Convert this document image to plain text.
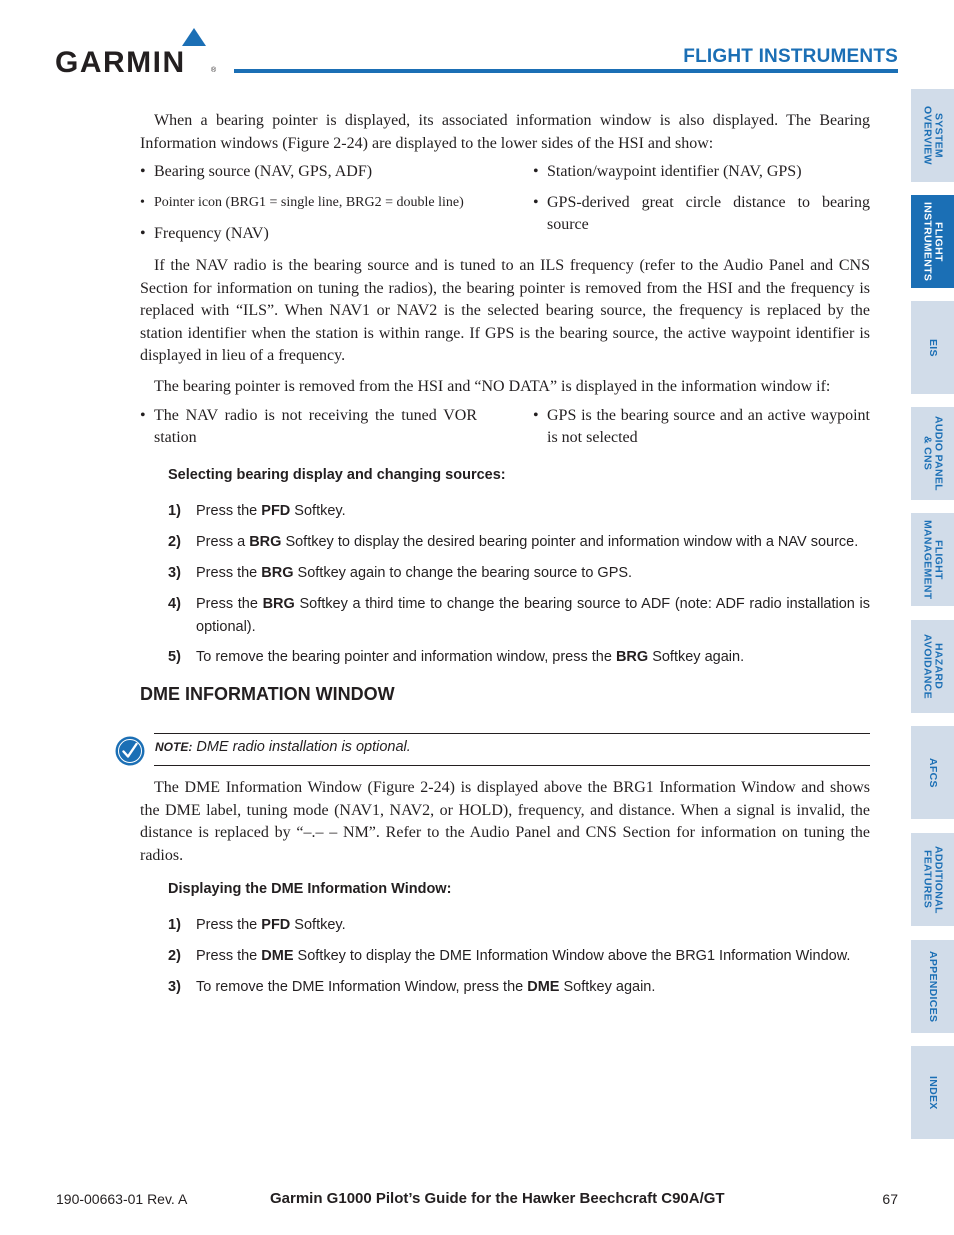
GARMIN	®
FLIGHT INSTRUMENTS
SYSTEM
OVERVIEW
FLIGHT
INSTRUMENTS
EIS
AUDIO PANEL
& CNS
FLIGHT
MANAGEMENT
HAZARD
AVOIDANCE
AFCS
ADDITIONAL
FEATURES
APPENDICES
INDEX
When a bearing pointer is displayed, its associated information window is also displayed. The Bearing Information windows (Figure 2-24) are displayed to the lower sides of the HSI and show:
• Bearing source (NAV, GPS, ADF)	• Station/waypoint identifier (NAV, GPS)
• Pointer icon (BRG1 = single line, BRG2 = double line)	• GPS-derived great circle distance to bearing source
• Frequency (NAV)
If the NAV radio is the bearing source and is tuned to an ILS frequency (refer to the Audio Panel and CNS Section for information on tuning the radios), the bearing pointer is removed from the HSI and the frequency is replaced with “ILS”. When NAV1 or NAV2 is the selected bearing source, the frequency is replaced by the station identifier when the station is within range. If GPS is the bearing source, the active waypoint identifier is displayed in lieu of a frequency.
The bearing pointer is removed from the HSI and “NO DATA” is displayed in the information window if:
• The NAV radio is not receiving the tuned VOR station
• GPS is the bearing source and an active waypoint is not selected
Selecting bearing display and changing sources:
1) Press the PFD Softkey.
2) Press a BRG Softkey to display the desired bearing pointer and information window with a NAV source.
3) Press the BRG Softkey again to change the bearing source to GPS.
4) Press the BRG Softkey a third time to change the bearing source to ADF (note: ADF radio installation is optional).
5) To remove the bearing pointer and information window, press the BRG Softkey again.
DME INFORMATION WINDOW
NOTE: DME radio installation is optional.
The DME Information Window (Figure 2-24) is displayed above the BRG1 Information Window and shows the DME label, tuning mode (NAV1, NAV2, or HOLD), frequency, and distance. When a signal is invalid, the distance is replaced by “–.– – NM”. Refer to the Audio Panel and CNS Section for information on tuning the radios.
Displaying the DME Information Window:
1) Press the PFD Softkey.
2) Press the DME Softkey to display the DME Information Window above the BRG1 Information Window.
3) To remove the DME Information Window, press the DME Softkey again.
190-00663-01 Rev. A	Garmin G1000 Pilot’s Guide for the Hawker Beechcraft C90A/GT	67
